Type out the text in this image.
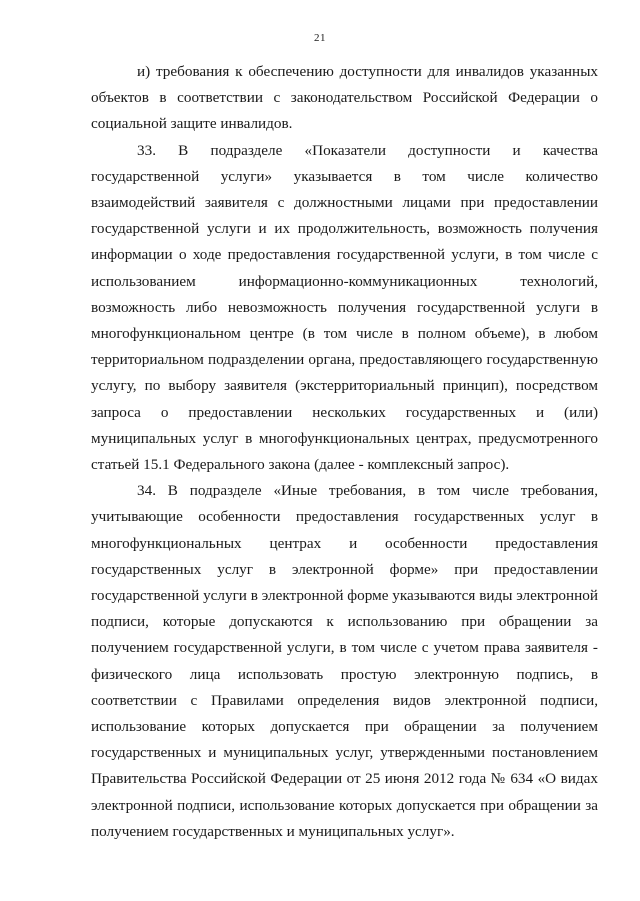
21

и) требования к обеспечению доступности для инвалидов указанных объектов в соответствии с законодательством Российской Федерации о социальной защите инвалидов.

33. В подразделе «Показатели доступности и качества государственной услуги» указывается в том числе количество взаимодействий заявителя с должностными лицами при предоставлении государственной услуги и их продолжительность, возможность получения информации о ходе предоставления государственной услуги, в том числе с использованием информационно-коммуникационных технологий, возможность либо невозможность получения государственной услуги в многофункциональном центре (в том числе в полном объеме), в любом территориальном подразделении органа, предоставляющего государственную услугу, по выбору заявителя (экстерриториальный принцип), посредством запроса о предоставлении нескольких государственных и (или) муниципальных услуг в многофункциональных центрах, предусмотренного статьей 15.1 Федерального закона (далее - комплексный запрос).

34. В подразделе «Иные требования, в том числе требования, учитывающие особенности предоставления государственных услуг в многофункциональных центрах и особенности предоставления государственных услуг в электронной форме» при предоставлении государственной услуги в электронной форме указываются виды электронной подписи, которые допускаются к использованию при обращении за получением государственной услуги, в том числе с учетом права заявителя - физического лица использовать простую электронную подпись, в соответствии с Правилами определения видов электронной подписи, использование которых допускается при обращении за получением государственных и муниципальных услуг, утвержденными постановлением Правительства Российской Федерации от 25 июня 2012 года № 634 «О видах электронной подписи, использование которых допускается при обращении за получением государственных и муниципальных услуг».
